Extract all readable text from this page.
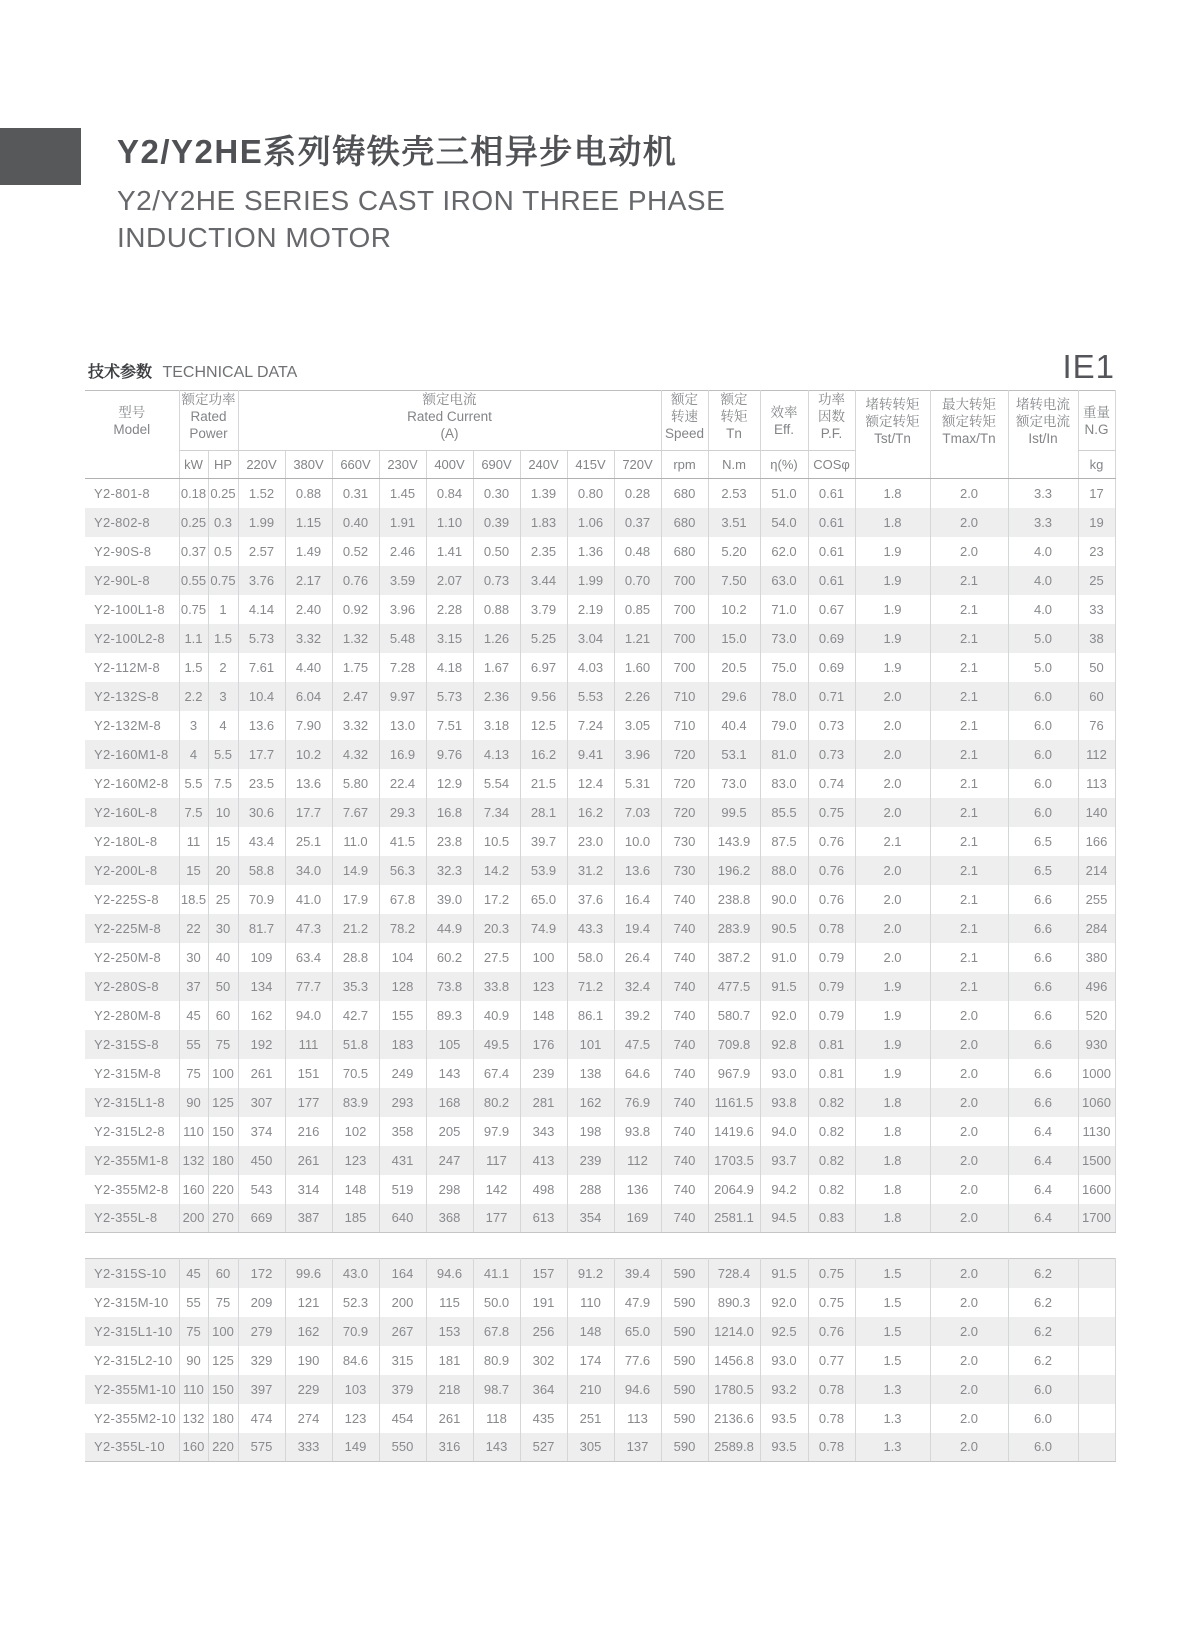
Y2/Y2HE系列铸铁壳三相异步电动机
Y2/Y2HE SERIES CAST IRON THREE PHASE
INDUCTION MOTOR
技术参数 TECHNICAL DATA	IE1
型号
Model

额定功率
Rated
Power

额定电流
Rated Current
(A)

额定
转速
Speed

额定
转矩
Tn

效率
Eff.

功率
因数
P.F.

堵转转矩
额定转矩
Tst/Tn

最大转矩
额定转矩
Tmax/Tn

堵转电流
额定电流
Ist/In

重量
N.G

	kW	HP	220V	380V	660V	230V	400V	690V	240V	415V	720V	rpm	N.m	η(%)	COSφ				kg
Y2-801-8	0.18	0.25	1.52	0.88	0.31	1.45	0.84	0.30	1.39	0.80	0.28	680	2.53	51.0	0.61	1.8	2.0	3.3	17
Y2-802-8	0.25	0.3	1.99	1.15	0.40	1.91	1.10	0.39	1.83	1.06	0.37	680	3.51	54.0	0.61	1.8	2.0	3.3	19
Y2-90S-8	0.37	0.5	2.57	1.49	0.52	2.46	1.41	0.50	2.35	1.36	0.48	680	5.20	62.0	0.61	1.9	2.0	4.0	23
Y2-90L-8	0.55	0.75	3.76	2.17	0.76	3.59	2.07	0.73	3.44	1.99	0.70	700	7.50	63.0	0.61	1.9	2.1	4.0	25
Y2-100L1-8	0.75	1	4.14	2.40	0.92	3.96	2.28	0.88	3.79	2.19	0.85	700	10.2	71.0	0.67	1.9	2.1	4.0	33
Y2-100L2-8	1.1	1.5	5.73	3.32	1.32	5.48	3.15	1.26	5.25	3.04	1.21	700	15.0	73.0	0.69	1.9	2.1	5.0	38
Y2-112M-8	1.5	2	7.61	4.40	1.75	7.28	4.18	1.67	6.97	4.03	1.60	700	20.5	75.0	0.69	1.9	2.1	5.0	50
Y2-132S-8	2.2	3	10.4	6.04	2.47	9.97	5.73	2.36	9.56	5.53	2.26	710	29.6	78.0	0.71	2.0	2.1	6.0	60
Y2-132M-8	3	4	13.6	7.90	3.32	13.0	7.51	3.18	12.5	7.24	3.05	710	40.4	79.0	0.73	2.0	2.1	6.0	76
Y2-160M1-8	4	5.5	17.7	10.2	4.32	16.9	9.76	4.13	16.2	9.41	3.96	720	53.1	81.0	0.73	2.0	2.1	6.0	112
Y2-160M2-8	5.5	7.5	23.5	13.6	5.80	22.4	12.9	5.54	21.5	12.4	5.31	720	73.0	83.0	0.74	2.0	2.1	6.0	113
Y2-160L-8	7.5	10	30.6	17.7	7.67	29.3	16.8	7.34	28.1	16.2	7.03	720	99.5	85.5	0.75	2.0	2.1	6.0	140
Y2-180L-8	11	15	43.4	25.1	11.0	41.5	23.8	10.5	39.7	23.0	10.0	730	143.9	87.5	0.76	2.1	2.1	6.5	166
Y2-200L-8	15	20	58.8	34.0	14.9	56.3	32.3	14.2	53.9	31.2	13.6	730	196.2	88.0	0.76	2.0	2.1	6.5	214
Y2-225S-8	18.5	25	70.9	41.0	17.9	67.8	39.0	17.2	65.0	37.6	16.4	740	238.8	90.0	0.76	2.0	2.1	6.6	255
Y2-225M-8	22	30	81.7	47.3	21.2	78.2	44.9	20.3	74.9	43.3	19.4	740	283.9	90.5	0.78	2.0	2.1	6.6	284
Y2-250M-8	30	40	109	63.4	28.8	104	60.2	27.5	100	58.0	26.4	740	387.2	91.0	0.79	2.0	2.1	6.6	380
Y2-280S-8	37	50	134	77.7	35.3	128	73.8	33.8	123	71.2	32.4	740	477.5	91.5	0.79	1.9	2.1	6.6	496
Y2-280M-8	45	60	162	94.0	42.7	155	89.3	40.9	148	86.1	39.2	740	580.7	92.0	0.79	1.9	2.0	6.6	520
Y2-315S-8	55	75	192	111	51.8	183	105	49.5	176	101	47.5	740	709.8	92.8	0.81	1.9	2.0	6.6	930
Y2-315M-8	75	100	261	151	70.5	249	143	67.4	239	138	64.6	740	967.9	93.0	0.81	1.9	2.0	6.6	1000
Y2-315L1-8	90	125	307	177	83.9	293	168	80.2	281	162	76.9	740	1161.5	93.8	0.82	1.8	2.0	6.6	1060
Y2-315L2-8	110	150	374	216	102	358	205	97.9	343	198	93.8	740	1419.6	94.0	0.82	1.8	2.0	6.4	1130
Y2-355M1-8	132	180	450	261	123	431	247	117	413	239	112	740	1703.5	93.7	0.82	1.8	2.0	6.4	1500
Y2-355M2-8	160	220	543	314	148	519	298	142	498	288	136	740	2064.9	94.2	0.82	1.8	2.0	6.4	1600
Y2-355L-8	200	270	669	387	185	640	368	177	613	354	169	740	2581.1	94.5	0.83	1.8	2.0	6.4	1700
Y2-315S-10	45	60	172	99.6	43.0	164	94.6	41.1	157	91.2	39.4	590	728.4	91.5	0.75	1.5	2.0	6.2	
Y2-315M-10	55	75	209	121	52.3	200	115	50.0	191	110	47.9	590	890.3	92.0	0.75	1.5	2.0	6.2	
Y2-315L1-10	75	100	279	162	70.9	267	153	67.8	256	148	65.0	590	1214.0	92.5	0.76	1.5	2.0	6.2	
Y2-315L2-10	90	125	329	190	84.6	315	181	80.9	302	174	77.6	590	1456.8	93.0	0.77	1.5	2.0	6.2	
Y2-355M1-10	110	150	397	229	103	379	218	98.7	364	210	94.6	590	1780.5	93.2	0.78	1.3	2.0	6.0	
Y2-355M2-10	132	180	474	274	123	454	261	118	435	251	113	590	2136.6	93.5	0.78	1.3	2.0	6.0	
Y2-355L-10	160	220	575	333	149	550	316	143	527	305	137	590	2589.8	93.5	0.78	1.3	2.0	6.0	
